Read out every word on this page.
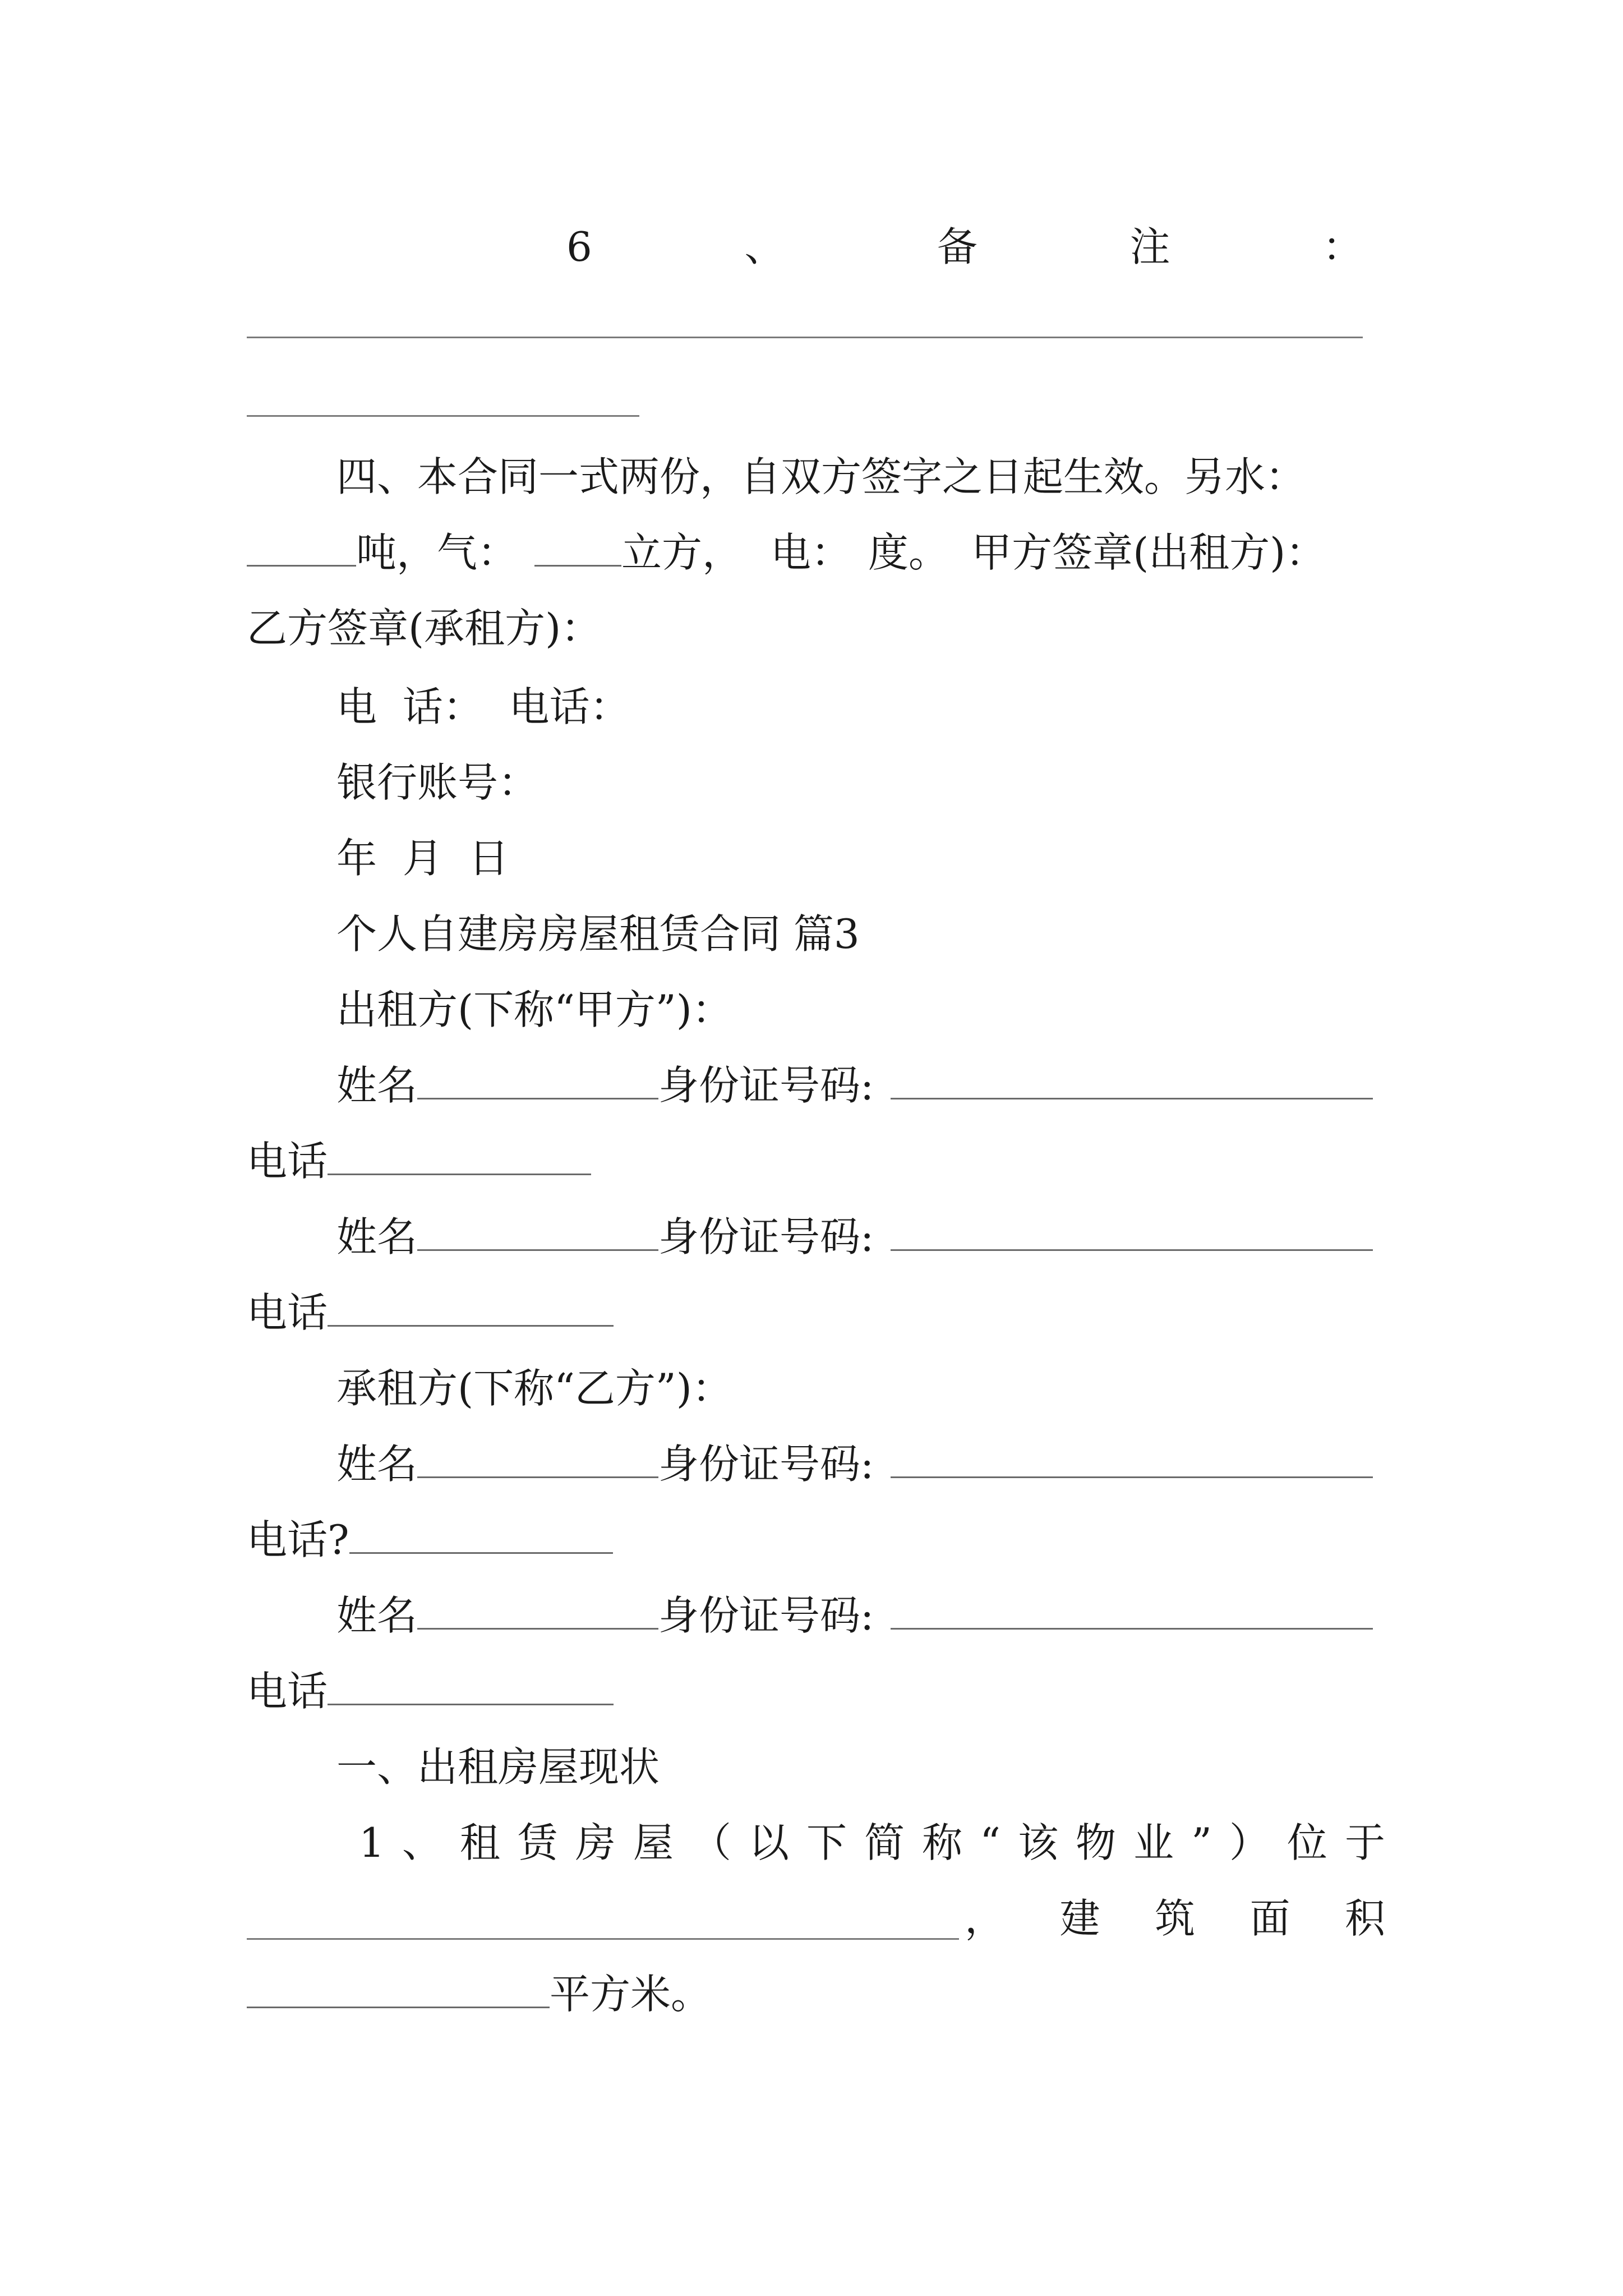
6	、	备	注	：
四、本合同一式两份，自双方签字之日起生效。另水：
吨，气：	立方， 电： 度。 甲方签章(出租方)：
乙方签章(承租方)：
电  话：  电话：
银行账号：
年  月  日
个人自建房房屋租赁合同 篇3
出租方(下称“甲方”)：
姓名	身份证号码:
电话
姓名	身份证号码:
电话
承租方(下称“乙方”)：
姓名	身份证号码:
电话?
姓名	身份证号码:
电话
一、出租房屋现状
1 、 租 赁 房 屋 （ 以 下 简 称 “ 该 物 业 ” ） 位 于
， 建 筑 面 积
平方米。
